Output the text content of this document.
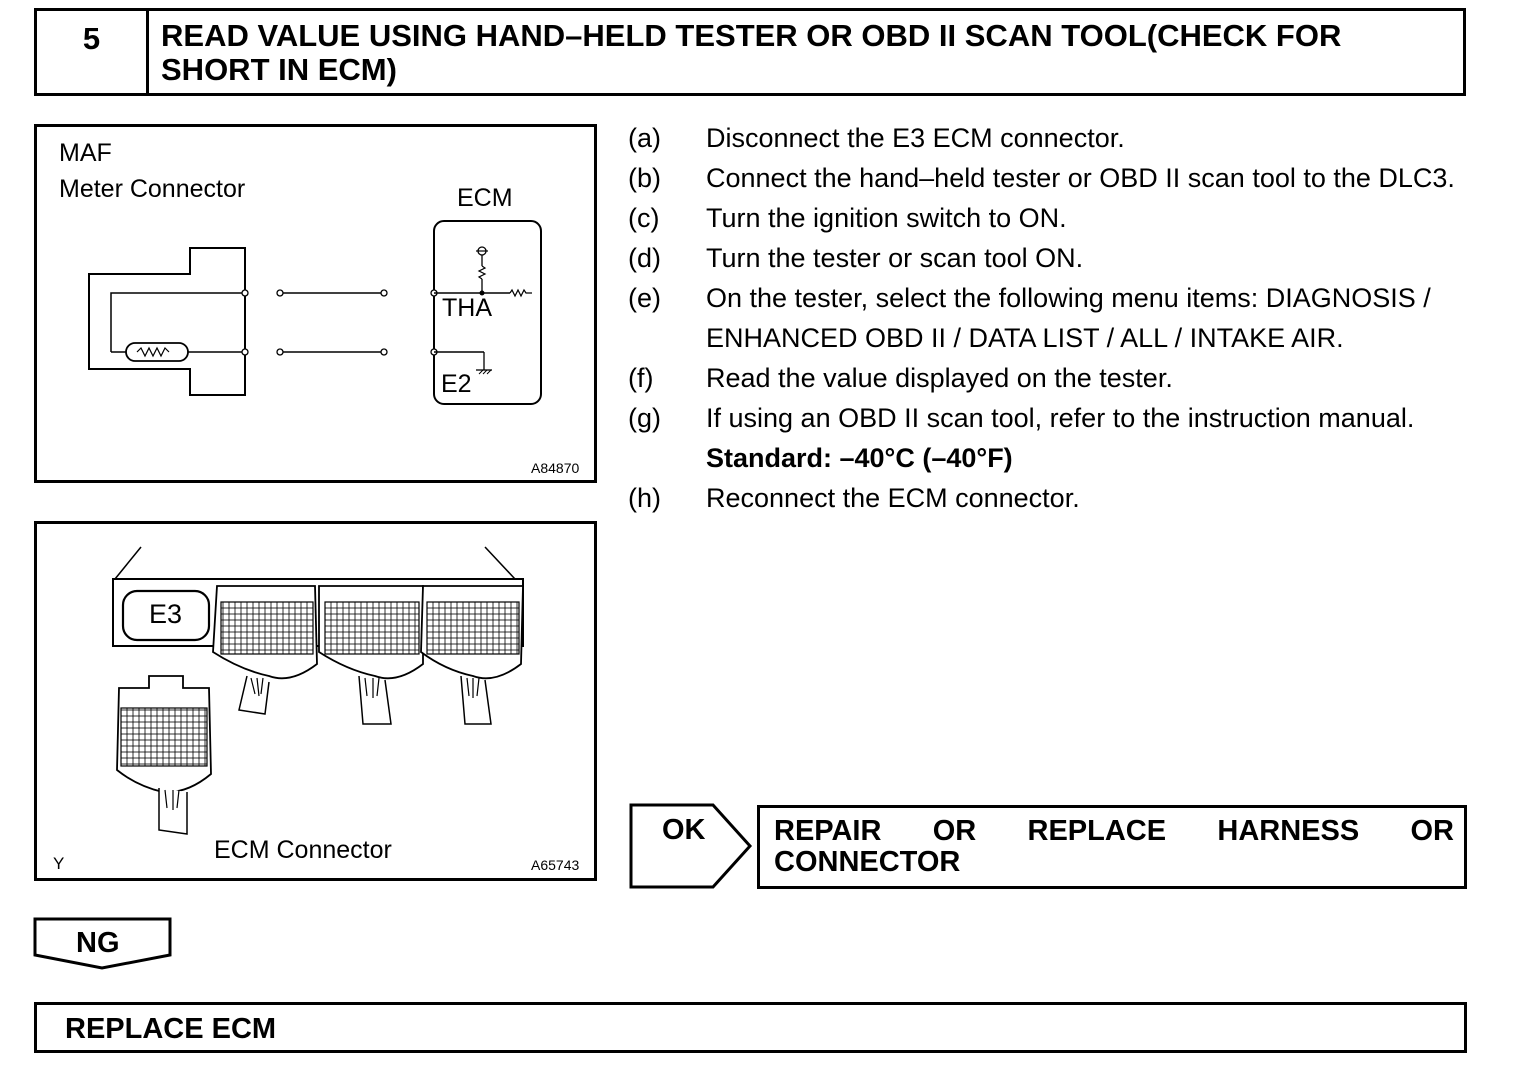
5	READ VALUE USING HAND–HELD TESTER OR OBD II SCAN TOOL(CHECK FOR SHORT IN ECM)
MAF
Meter Connector	ECM
THA
E2
A84870
E3
ECM Connector
Y	A65743
(a)	Disconnect the E3 ECM connector.
(b)	Connect the hand–held tester or OBD II scan tool to the DLC3.
(c)	Turn the ignition switch to ON.
(d)	Turn the tester or scan tool ON.
(e)	On the tester, select the following menu items: DIAGNOSIS / ENHANCED OBD II / DATA LIST / ALL / INTAKE AIR.
(f)	Read the value displayed on the tester.
(g)	If using an OBD II scan tool, refer to the instruction manual.
Standard: –40°C (–40°F)
(h)	Reconnect the ECM connector.
OK REPAIR OR REPLACE HARNESS OR CONNECTOR
NG
REPLACE ECM
